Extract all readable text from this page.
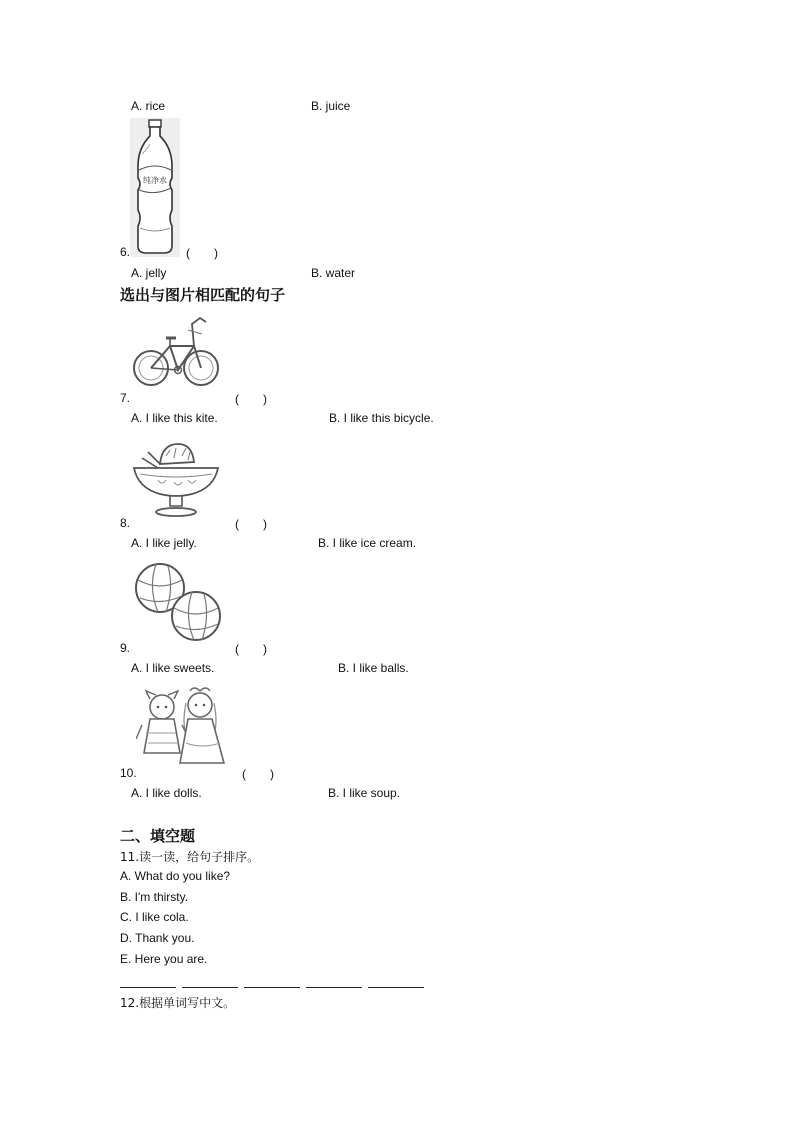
A. rice	B. juice
纯净水
6.	(　　)
A. jelly	B. water
选出与图片相匹配的句子
7.	(　　)
A. I like this kite.	B. I like this bicycle.
8.	(　　)
A. I like jelly.	B. I like ice cream.
9.	(　　)
A. I like sweets.	B. I like balls.
10.	(　　)
A. I like dolls.	B. I like soup.
二、填空题
11.读一读，给句子排序。
A. What do you like?
B. I'm thirsty.
C. I like cola.
D. Thank you.
E. Here you are.
12.根据单词写中文。
